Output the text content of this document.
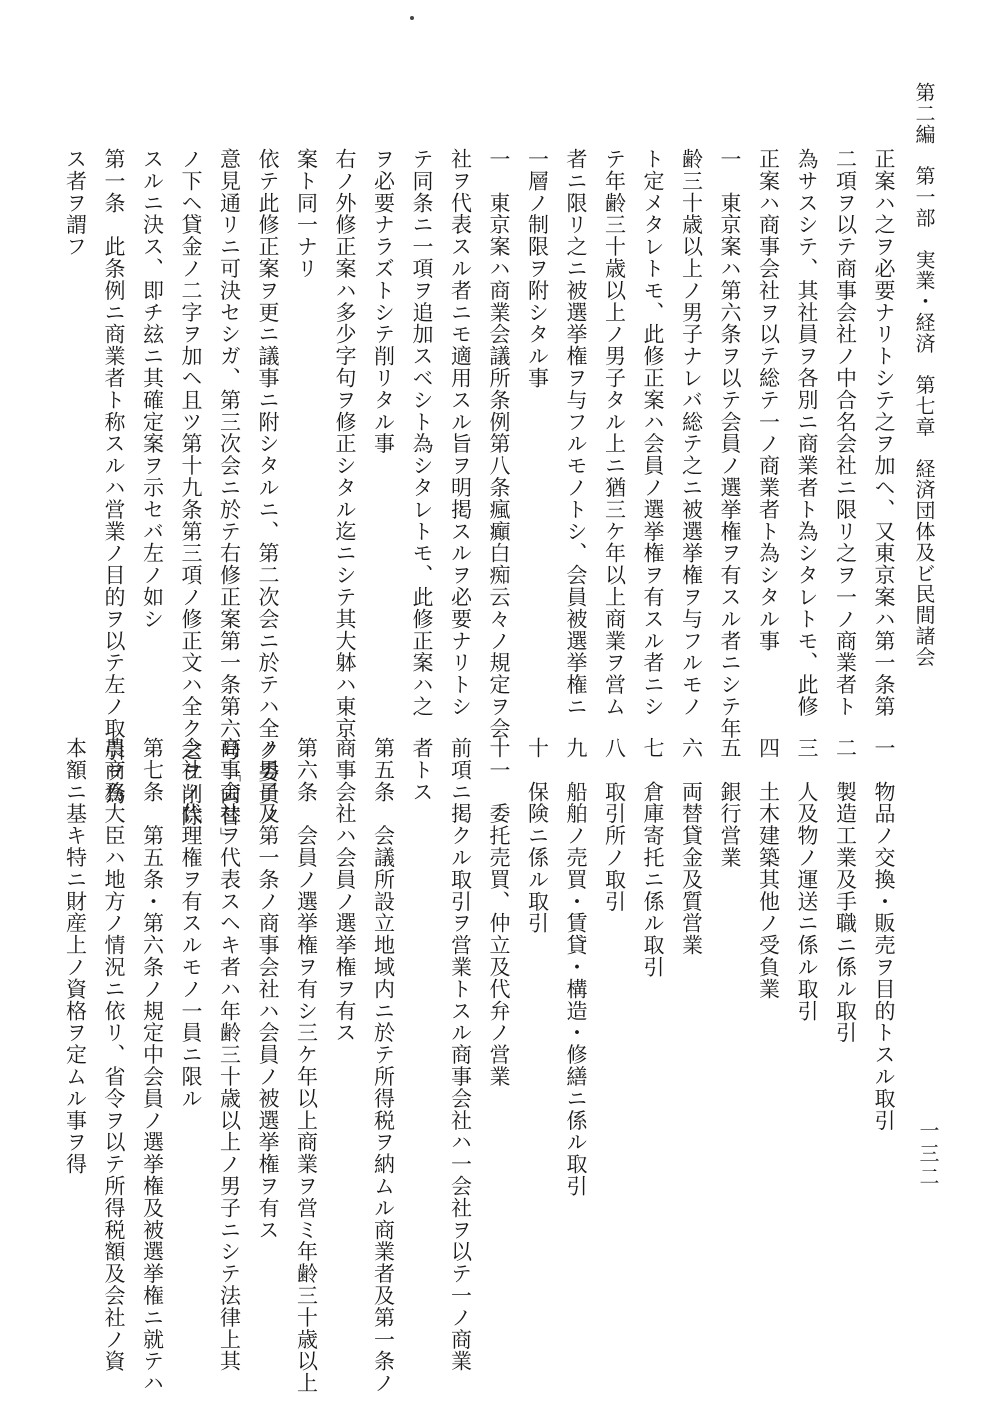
第二編　第一部　実業・経済　第七章　経済団体及ビ民間諸会
一三二
正案ハ之ヲ必要ナリトシテ之ヲ加ヘ、又東京案ハ第一条第
二項ヲ以テ商事会社ノ中合名会社ニ限リ之ヲ一ノ商業者ト
為サスシテ、其社員ヲ各別ニ商業者ト為シタレトモ、此修
正案ハ商事会社ヲ以テ総テ一ノ商業者ト為シタル事
一　東京案ハ第六条ヲ以テ会員ノ選挙権ヲ有スル者ニシテ年
齢三十歳以上ノ男子ナレバ総テ之ニ被選挙権ヲ与フルモノ
ト定メタレトモ、此修正案ハ会員ノ選挙権ヲ有スル者ニシ
テ年齢三十歳以上ノ男子タル上ニ猶三ケ年以上商業ヲ営ム
者ニ限リ之ニ被選挙権ヲ与フルモノトシ、会員被選挙権ニ
一層ノ制限ヲ附シタル事
一　東京案ハ商業会議所条例第八条瘋癲白痴云々ノ規定ヲ会
社ヲ代表スル者ニモ適用スル旨ヲ明掲スルヲ必要ナリトシ
テ同条ニ一項ヲ追加スベシト為シタレトモ、此修正案ハ之
ヲ必要ナラズトシテ削リタル事
右ノ外修正案ハ多少字句ヲ修正シタル迄ニシテ其大躰ハ東京
案ト同一ナリ
依テ此修正案ヲ更ニ議事ニ附シタルニ、第二次会ニ於テハ全ク委員ノ
意見通リニ可決セシガ、第三次会ニ於テ右修正案第一条第六号「両替」
ノ下ヘ貸金ノ二字ヲ加ヘ且ツ第十九条第三項ノ修正文ハ全ク之ヲ削除
スルニ決ス、即チ玆ニ其確定案ヲ示セバ左ノ如シ
第一条　此条例ニ商業者ト称スルハ営業ノ目的ヲ以テ左ノ取引ヲ為
ス者ヲ謂フ
一　物品ノ交換・販売ヲ目的トスル取引
二　製造工業及手職ニ係ル取引
三　人及物ノ運送ニ係ル取引
四　土木建築其他ノ受負業
五　銀行営業
六　両替貸金及質営業
七　倉庫寄托ニ係ル取引
八　取引所ノ取引
九　船舶ノ売買・賃貸・構造・修繕ニ係ル取引
十　保険ニ係ル取引
十一　委托売買、仲立及代弁ノ営業
前項ニ掲クル取引ヲ営業トスル商事会社ハ一会社ヲ以テ一ノ商業
者トス
第五条　会議所設立地域内ニ於テ所得税ヲ納ムル商業者及第一条ノ
商事会社ハ会員ノ選挙権ヲ有ス
第六条　会員ノ選挙権ヲ有シ三ケ年以上商業ヲ営ミ年齢三十歳以上
ノ男子及第一条ノ商事会社ハ会員ノ被選挙権ヲ有ス
商事会社ヲ代表スヘキ者ハ年齢三十歳以上ノ男子ニシテ法律上其
会社ノ代理権ヲ有スルモノ一員ニ限ル
第七条　第五条・第六条ノ規定中会員ノ選挙権及被選挙権ニ就テハ
農商務大臣ハ地方ノ情況ニ依リ、省令ヲ以テ所得税額及会社ノ資
本額ニ基キ特ニ財産上ノ資格ヲ定ムル事ヲ得
